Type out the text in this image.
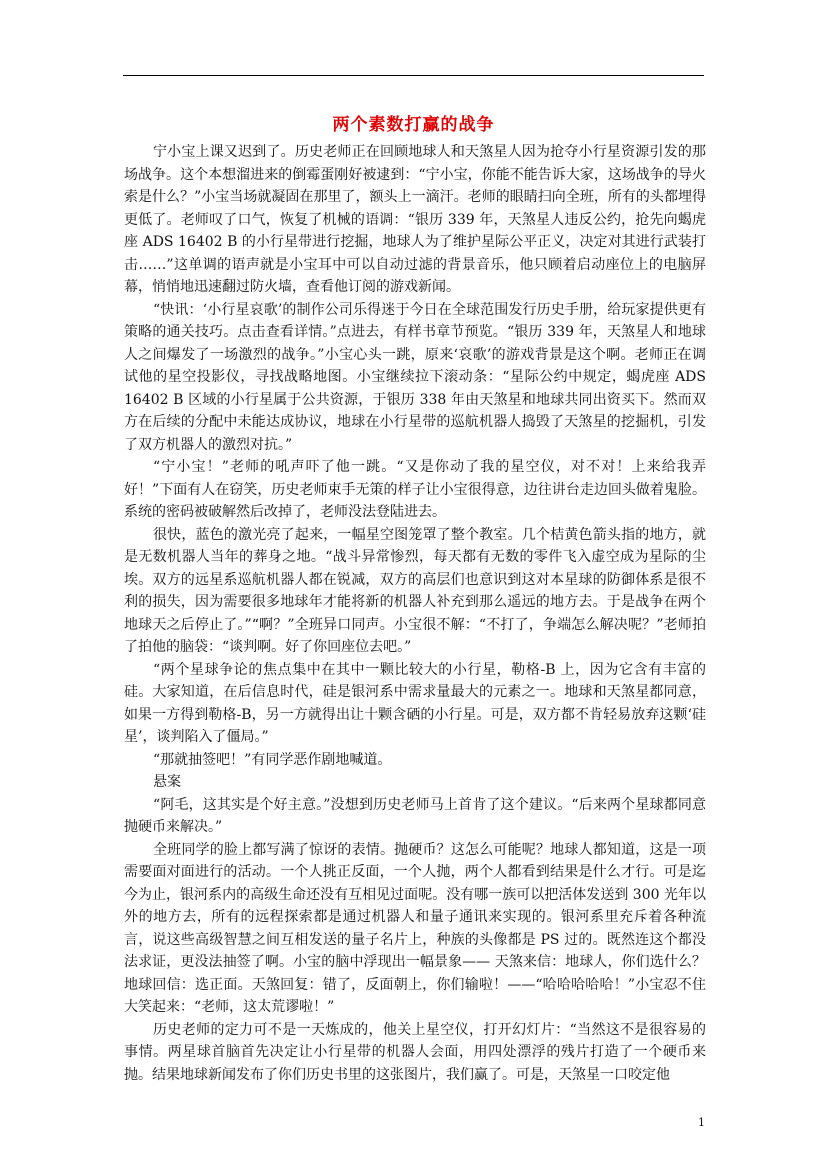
两个素数打赢的战争

宁小宝上课又迟到了。历史老师正在回顾地球人和天煞星人因为抢夺小行星资源引发的那场战争。这个本想溜进来的倒霉蛋刚好被逮到：“宁小宝，你能不能告诉大家，这场战争的导火索是什么？”小宝当场就凝固在那里了，额头上一滴汗。老师的眼睛扫向全班，所有的头都埋得更低了。老师叹了口气，恢复了机械的语调：“银历 339 年，天煞星人违反公约，抢先向蝎虎座 ADS 16402 B 的小行星带进行挖掘，地球人为了维护星际公平正义，决定对其进行武装打击……”这单调的语声就是小宝耳中可以自动过滤的背景音乐，他只顾着启动座位上的电脑屏幕，悄悄地迅速翻过防火墙，查看他订阅的游戏新闻。

“快讯：‘小行星哀歌’的制作公司乐得迷于今日在全球范围发行历史手册，给玩家提供更有策略的通关技巧。点击查看详情。”点进去，有样书章节预览。“银历 339 年，天煞星人和地球人之间爆发了一场激烈的战争。”小宝心头一跳，原来‘哀歌’的游戏背景是这个啊。老师正在调试他的星空投影仪，寻找战略地图。小宝继续拉下滚动条：“星际公约中规定，蝎虎座 ADS 16402 B 区域的小行星属于公共资源，于银历 338 年由天煞星和地球共同出资买下。然而双方在后续的分配中未能达成协议，地球在小行星带的巡航机器人捣毁了天煞星的挖掘机，引发了双方机器人的激烈对抗。”

“宁小宝！”老师的吼声吓了他一跳。“又是你动了我的星空仪，对不对！上来给我弄好！”下面有人在窃笑，历史老师束手无策的样子让小宝很得意，边往讲台走边回头做着鬼脸。系统的密码被破解然后改掉了，老师没法登陆进去。

很快，蓝色的激光亮了起来，一幅星空图笼罩了整个教室。几个桔黄色箭头指的地方，就是无数机器人当年的葬身之地。“战斗异常惨烈，每天都有无数的零件飞入虚空成为星际的尘埃。双方的远星系巡航机器人都在锐减，双方的高层们也意识到这对本星球的防御体系是很不利的损失，因为需要很多地球年才能将新的机器人补充到那么遥远的地方去。于是战争在两个地球天之后停止了。”“啊？”全班异口同声。小宝很不解：“不打了，争端怎么解决呢？”老师拍了拍他的脑袋：“谈判啊。好了你回座位去吧。”

“两个星球争论的焦点集中在其中一颗比较大的小行星，勒格-B 上，因为它含有丰富的硅。大家知道，在后信息时代，硅是银河系中需求量最大的元素之一。地球和天煞星都同意，如果一方得到勒格-B，另一方就得出让十颗含硒的小行星。可是，双方都不肯轻易放弃这颗‘硅星’，谈判陷入了僵局。”

“那就抽签吧！”有同学恶作剧地喊道。

悬案

“阿毛，这其实是个好主意。”没想到历史老师马上首肯了这个建议。“后来两个星球都同意抛硬币来解决。”

全班同学的脸上都写满了惊讶的表情。抛硬币？这怎么可能呢？地球人都知道，这是一项需要面对面进行的活动。一个人挑正反面，一个人抛，两个人都看到结果是什么才行。可是迄今为止，银河系内的高级生命还没有互相见过面呢。没有哪一族可以把活体发送到 300 光年以外的地方去，所有的远程探索都是通过机器人和量子通讯来实现的。银河系里充斥着各种流言，说这些高级智慧之间互相发送的量子名片上，种族的头像都是 PS 过的。既然连这个都没法求证，更没法抽签了啊。小宝的脑中浮现出一幅景象—— 天煞来信：地球人，你们选什么？地球回信：选正面。天煞回复：错了，反面朝上，你们输啦！——“哈哈哈哈哈！”小宝忍不住大笑起来：“老师，这太荒谬啦！”

历史老师的定力可不是一天炼成的，他关上星空仪，打开幻灯片：“当然这不是很容易的事情。两星球首脑首先决定让小行星带的机器人会面，用四处漂浮的残片打造了一个硬币来抛。结果地球新闻发布了你们历史书里的这张图片，我们赢了。可是，天煞星一口咬定他

1
